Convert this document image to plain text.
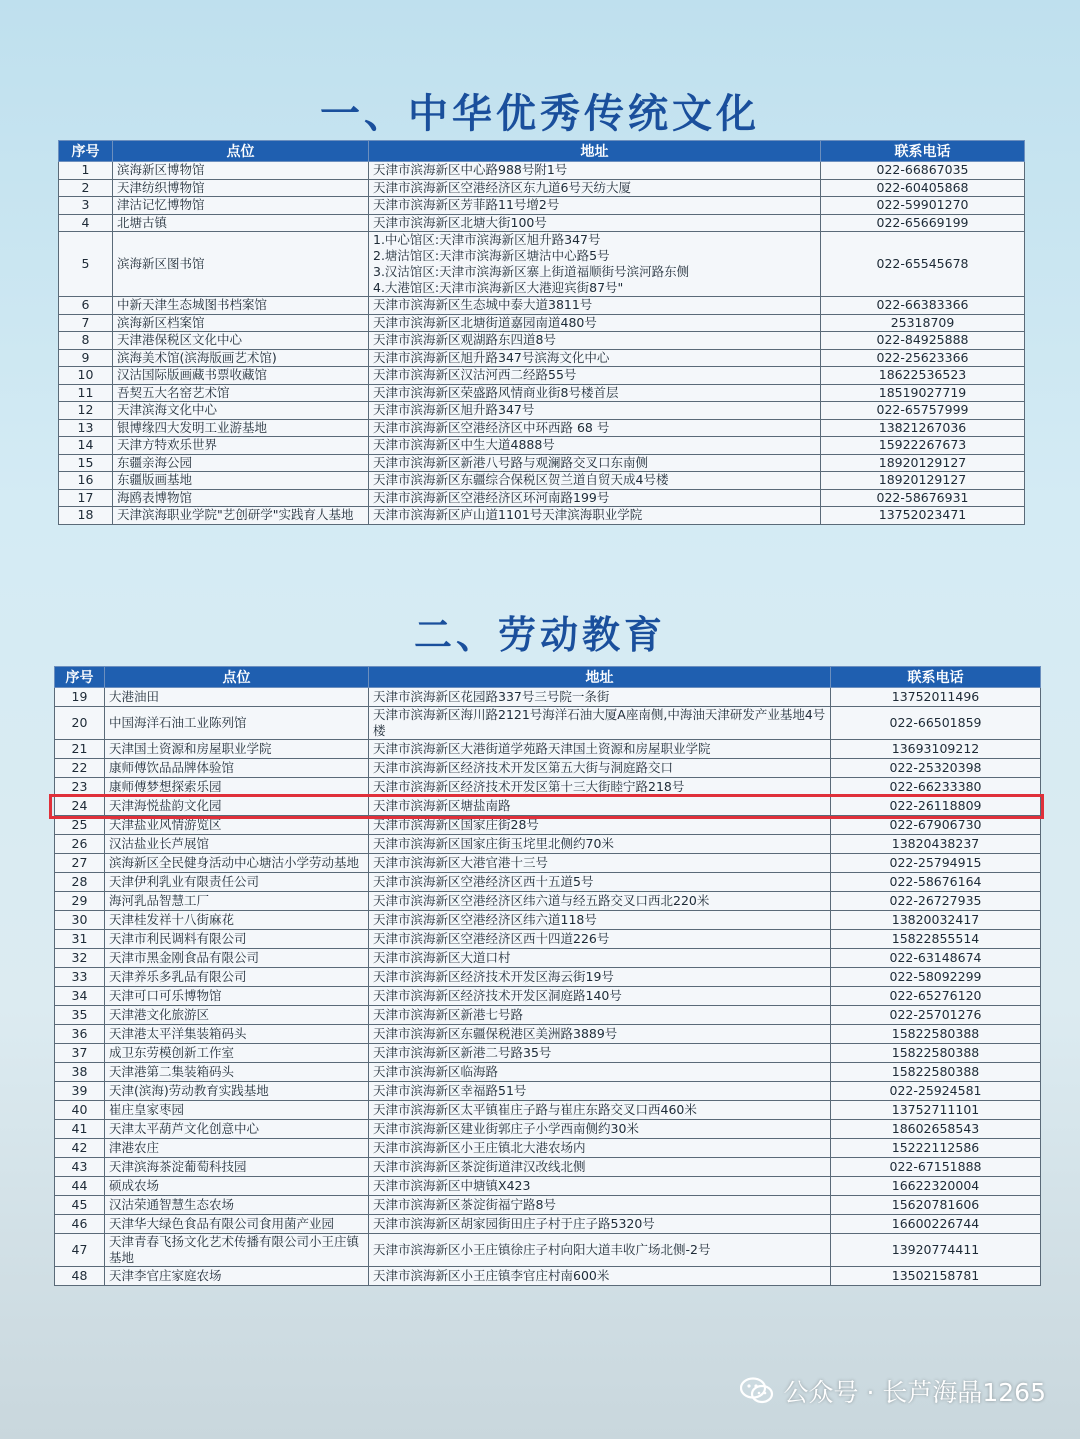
一、中华优秀传统文化
序号	点位	地址	联系电话
1	滨海新区博物馆	天津市滨海新区中心路988号附1号	022-66867035
2	天津纺织博物馆	天津市滨海新区空港经济区东九道6号天纺大厦	022-60405868
3	津沽记忆博物馆	天津市滨海新区芳菲路11号增2号	022-59901270
4	北塘古镇	天津市滨海新区北塘大街100号	022-65669199
5	滨海新区图书馆	1.中心馆区:天津市滨海新区旭升路347号
2.塘沽馆区:天津市滨海新区塘沽中心路5号
3.汉沽馆区:天津市滨海新区寨上街道福顺街号滨河路东侧
4.大港馆区:天津市滨海新区大港迎宾街87号"	022-65545678
6	中新天津生态城图书档案馆	天津市滨海新区生态城中泰大道3811号	022-66383366
7	滨海新区档案馆	天津市滨海新区北塘街道嘉园南道480号	25318709
8	天津港保税区文化中心	天津市滨海新区观湖路东四道8号	022-84925888
9	滨海美术馆(滨海版画艺术馆)	天津市滨海新区旭升路347号滨海文化中心	022-25623366
10	汉沽国际版画藏书票收藏馆	天津市滨海新区汉沽河西二经路55号	18622536523
11	吾契五大名窑艺术馆	天津市滨海新区荣盛路风情商业街8号楼首层	18519027719
12	天津滨海文化中心	天津市滨海新区旭升路347号	022-65757999
13	银博缘四大发明工业游基地	天津市滨海新区空港经济区中环西路 68 号	13821267036
14	天津方特欢乐世界	天津市滨海新区中生大道4888号	15922267673
15	东疆亲海公园	天津市滨海新区新港八号路与观澜路交叉口东南侧	18920129127
16	东疆版画基地	天津市滨海新区东疆综合保税区贺兰道自贸天成4号楼	18920129127
17	海鸥表博物馆	天津市滨海新区空港经济区环河南路199号	022-58676931
18	天津滨海职业学院"艺创研学"实践育人基地	天津市滨海新区庐山道1101号天津滨海职业学院	13752023471
二、劳动教育
序号	点位	地址	联系电话
19	大港油田	天津市滨海新区花园路337号三号院一条街	13752011496
20	中国海洋石油工业陈列馆	天津市滨海新区海川路2121号海洋石油大厦A座南侧,中海油天津研发产业基地4号楼	022-66501859
21	天津国土资源和房屋职业学院	天津市滨海新区大港街道学苑路天津国土资源和房屋职业学院	13693109212
22	康师傅饮品品牌体验馆	天津市滨海新区经济技术开发区第五大街与洞庭路交口	022-25320398
23	康师傅梦想探索乐园	天津市滨海新区经济技术开发区第十三大街睦宁路218号	022-66233380
24	天津海悦盐韵文化园	天津市滨海新区塘盐南路	022-26118809
25	天津盐业风情游览区	天津市滨海新区国家庄街28号	022-67906730
26	汉沽盐业长芦展馆	天津市滨海新区国家庄街玉垞里北侧约70米	13820438237
27	滨海新区全民健身活动中心塘沽小学劳动基地	天津市滨海新区大港官港十三号	022-25794915
28	天津伊利乳业有限责任公司	天津市滨海新区空港经济区西十五道5号	022-58676164
29	海河乳品智慧工厂	天津市滨海新区空港经济区纬六道与经五路交叉口西北220米	022-26727935
30	天津桂发祥十八街麻花	天津市滨海新区空港经济区纬六道118号	13820032417
31	天津市利民调料有限公司	天津市滨海新区空港经济区西十四道226号	15822855514
32	天津市黑金刚食品有限公司	天津市滨海新区大道口村	022-63148674
33	天津养乐多乳品有限公司	天津市滨海新区经济技术开发区海云街19号	022-58092299
34	天津可口可乐博物馆	天津市滨海新区经济技术开发区洞庭路140号	022-65276120
35	天津港文化旅游区	天津市滨海新区新港七号路	022-25701276
36	天津港太平洋集装箱码头	天津市滨海新区东疆保税港区美洲路3889号	15822580388
37	成卫东劳模创新工作室	天津市滨海新区新港二号路35号	15822580388
38	天津港第二集装箱码头	天津市滨海新区临海路	15822580388
39	天津(滨海)劳动教育实践基地	天津市滨海新区幸福路51号	022-25924581
40	崔庄皇家枣园	天津市滨海新区太平镇崔庄子路与崔庄东路交叉口西460米	13752711101
41	天津太平葫芦文化创意中心	天津市滨海新区建业街郭庄子小学西南侧约30米	18602658543
42	津港农庄	天津市滨海新区小王庄镇北大港农场内	15222112586
43	天津滨海茶淀葡萄科技园	天津市滨海新区茶淀街道津汉改线北侧	022-67151888
44	硕成农场	天津市滨海新区中塘镇X423	16622320004
45	汉沽荣通智慧生态农场	天津市滨海新区茶淀街福宁路8号	15620781606
46	天津华大绿色食品有限公司食用菌产业园	天津市滨海新区胡家园街田庄子村于庄子路5320号	16600226744
47	天津青春飞扬文化艺术传播有限公司小王庄镇基地	天津市滨海新区小王庄镇徐庄子村向阳大道丰收广场北侧-2号	13920774411
48	天津李官庄家庭农场	天津市滨海新区小王庄镇李官庄村南600米	13502158781
公众号 · 长芦海晶1265
